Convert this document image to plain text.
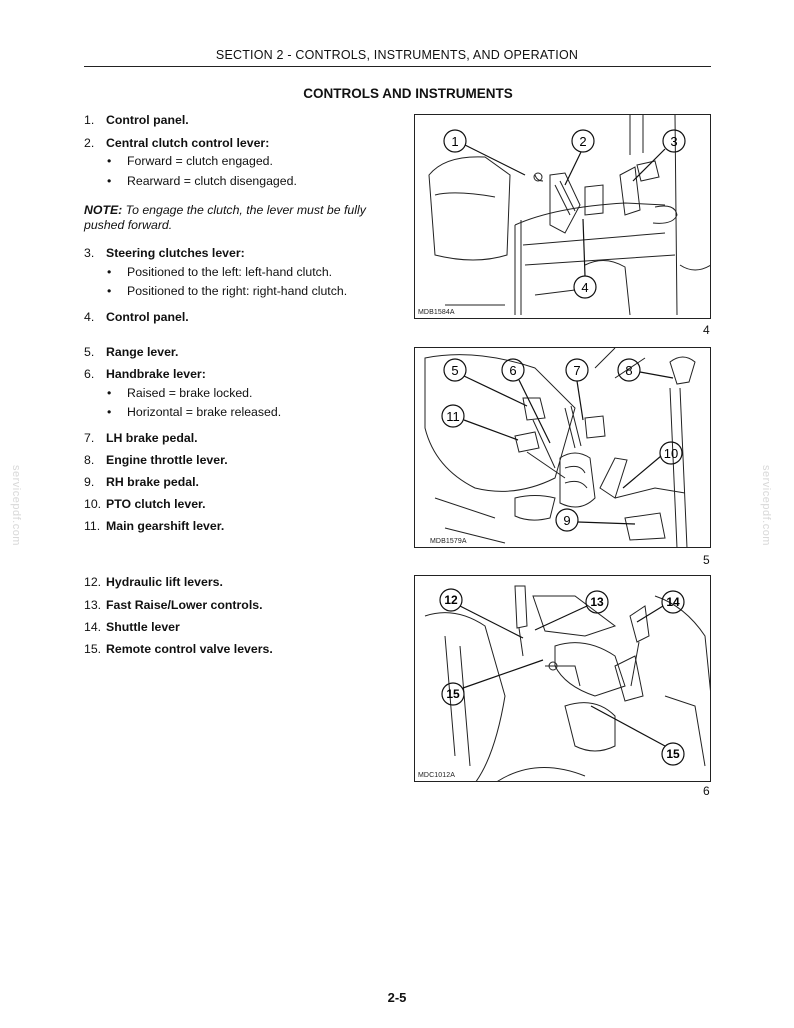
SECTION 2 - CONTROLS, INSTRUMENTS, AND OPERATION
CONTROLS AND INSTRUMENTS
1. Control panel.
2. Central clutch control lever:
• Forward = clutch engaged.
• Rearward = clutch disengaged.
NOTE: To engage the clutch, the lever must be fully pushed forward.
3. Steering clutches lever:
• Positioned to the left: left-hand clutch.
• Positioned to the right: right-hand clutch.
4. Control panel.
5. Range lever.
6. Handbrake lever:
• Raised = brake locked.
• Horizontal = brake released.
7. LH brake pedal.
8. Engine throttle lever.
9. RH brake pedal.
10. PTO clutch lever.
11. Main gearshift lever.
12. Hydraulic lift levers.
13. Fast Raise/Lower controls.
14. Shuttle lever
15. Remote control valve levers.
1	2	3
4
MDB1584A
4
5	6	7	8
11
10
9
MDB1579A
5
12	13	14
15
15
MDC1012A
6
servicepdf.com	servicepdf.com
2-5
